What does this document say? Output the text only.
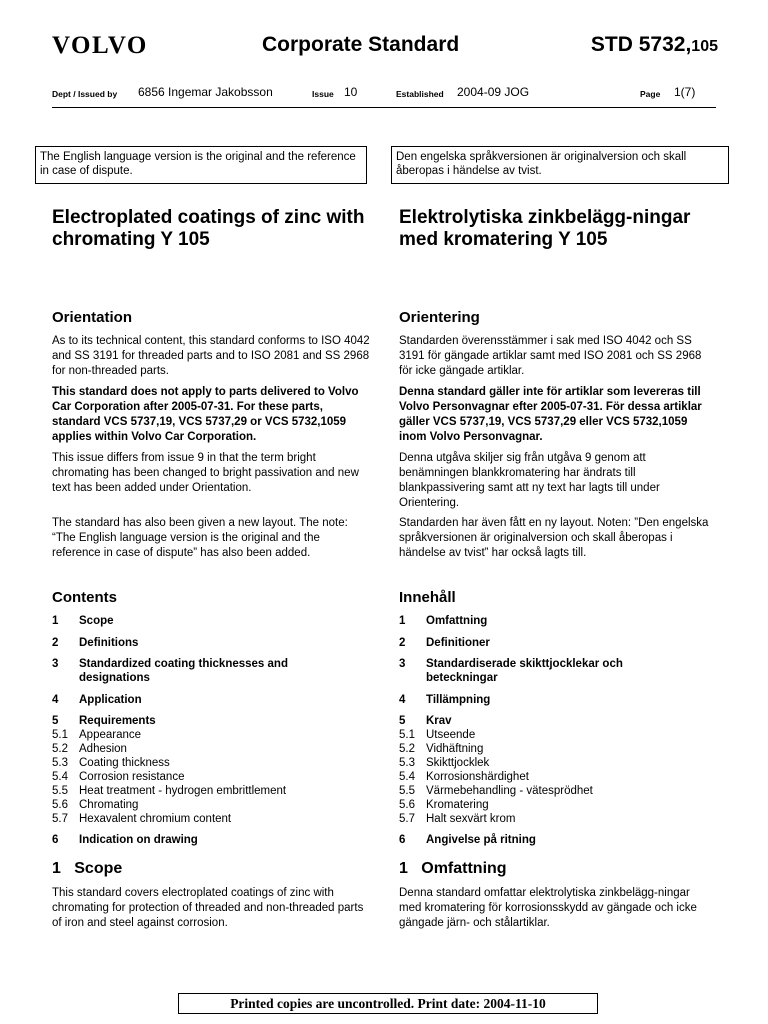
VOLVO	Corporate Standard	STD 5732,105
Dept / Issued by 6856 Ingemar Jakobsson	Issue 10	Established 2004-09 JOG	Page 1(7)
The English language version is the original and the reference in case of dispute.
Den engelska språkversionen är originalversion och skall åberopas i händelse av tvist.
Electroplated coatings of zinc with chromating Y 105
Orientation
As to its technical content, this standard conforms to ISO 4042 and SS 3191 for threaded parts and to ISO 2081 and SS 2968 for non-threaded parts.
This standard does not apply to parts delivered to Volvo Car Corporation after 2005-07-31. For these parts, standard VCS 5737,19, VCS 5737,29 or VCS 5732,1059 applies within Volvo Car Corporation.
This issue differs from issue 9 in that the term bright chromating has been changed to bright passivation and new text has been added under Orientation.
The standard has also been given a new layout. The note: “The English language version is the original and the reference in case of dispute” has also been added.
Contents
1 Scope
2 Definitions
3 Standardized coating thicknesses and designations
4 Application
5 Requirements
5.1 Appearance
5.2 Adhesion
5.3 Coating thickness
5.4 Corrosion resistance
5.5 Heat treatment - hydrogen embrittlement
5.6 Chromating
5.7 Hexavalent chromium content
6 Indication on drawing
1 Scope
This standard covers electroplated coatings of zinc with chromating for protection of threaded and non-threaded parts of iron and steel against corrosion.
Elektrolytiska zinkbelägg-ningar med kromatering Y 105
Orientering
Standarden överensstämmer i sak med ISO 4042 och SS 3191 för gängade artiklar samt med ISO 2081 och SS 2968 för icke gängade artiklar.
Denna standard gäller inte för artiklar som levereras till Volvo Personvagnar efter 2005-07-31. För dessa artiklar gäller VCS 5737,19, VCS 5737,29 eller VCS 5732,1059 inom Volvo Personvagnar.
Denna utgåva skiljer sig från utgåva 9 genom att benämningen blankkromatering har ändrats till blankpassivering samt att ny text har lagts till under Orientering.
Standarden har även fått en ny layout. Noten: ”Den engelska språkversionen är originalversion och skall åberopas i händelse av tvist” har också lagts till.
Innehåll
1 Omfattning
2 Definitioner
3 Standardiserade skikttjocklekar och beteckningar
4 Tillämpning
5 Krav
5.1 Utseende
5.2 Vidhäftning
5.3 Skikttjocklek
5.4 Korrosionshärdighet
5.5 Värmebehandling - vätesprödhet
5.6 Kromatering
5.7 Halt sexvärt krom
6 Angivelse på ritning
1 Omfattning
Denna standard omfattar elektrolytiska zinkbelägg-ningar med kromatering för korrosionsskydd av gängade och icke gängade järn- och stålartiklar.
Printed copies are uncontrolled. Print date: 2004-11-10
